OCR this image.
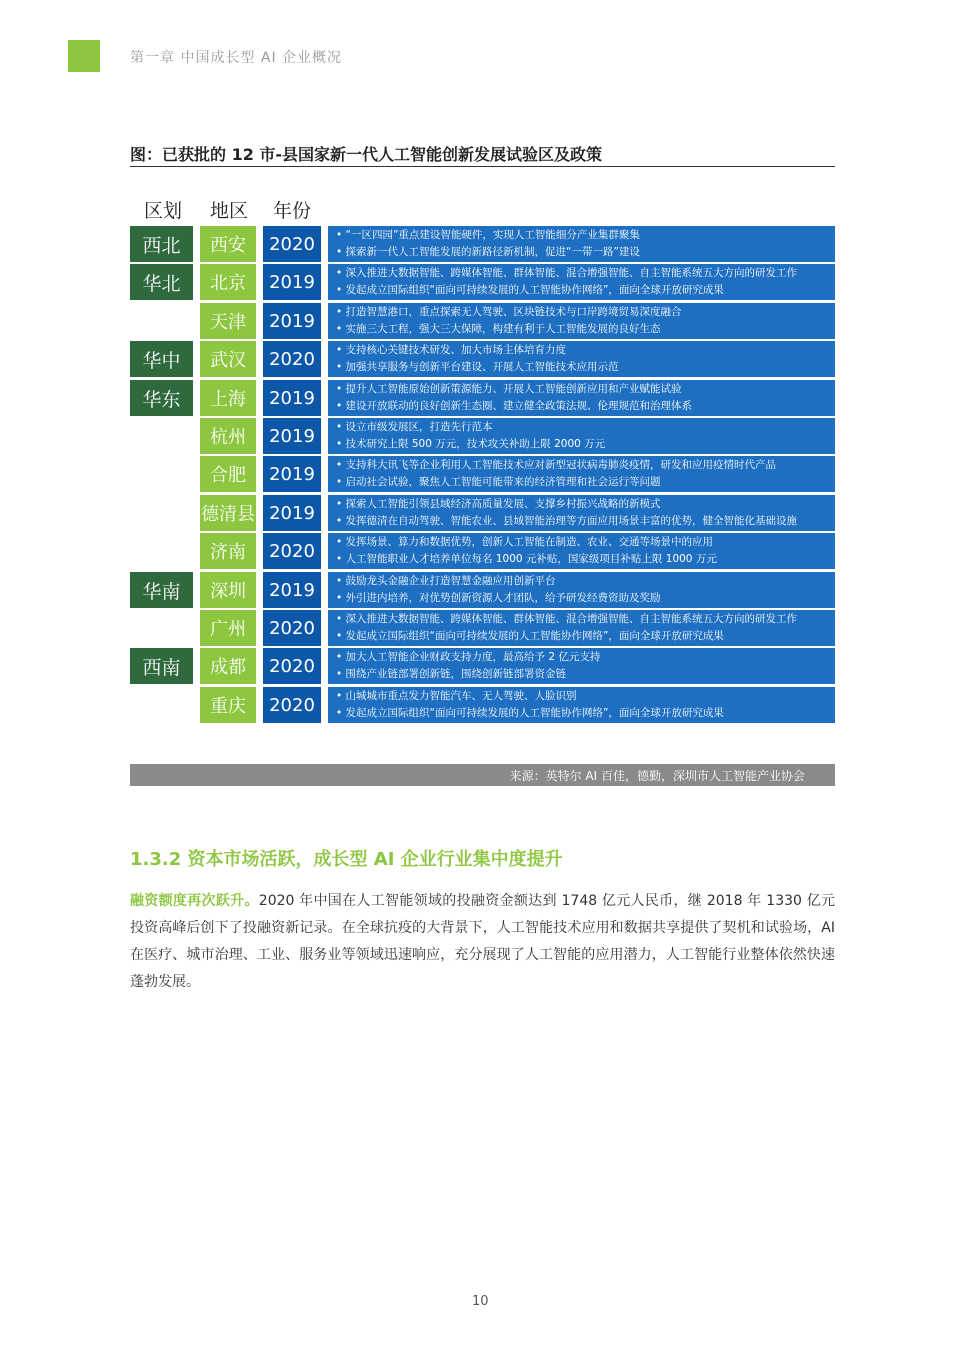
第一章 中国成长型 AI 企业概况
图：已获批的 12 市-县国家新一代人工智能创新发展试验区及政策
区划 地区 年份
西北	西安	2020	• “一区四园”重点建设智能硬件，实现人工智能细分产业集群聚集
• 探索新一代人工智能发展的新路径新机制，促进“一带一路”建设
华北	北京	2019	• 深入推进大数据智能、跨媒体智能、群体智能、混合增强智能、自主智能系统五大方向的研发工作
• 发起成立国际组织“面向可持续发展的人工智能协作网络”，面向全球开放研究成果
天津	2019	• 打造智慧港口，重点探索无人驾驶、区块链技术与口岸跨境贸易深度融合
• 实施三大工程，强大三大保障，构建有利于人工智能发展的良好生态
华中	武汉	2020	• 支持核心关键技术研发、加大市场主体培育力度
• 加强共享服务与创新平台建设、开展人工智能技术应用示范
华东	上海	2019	• 提升人工智能原始创新策源能力、开展人工智能创新应用和产业赋能试验
• 建设开放联动的良好创新生态圈、建立健全政策法规、伦理规范和治理体系
杭州	2019	• 设立市级发展区，打造先行范本
• 技术研究上限 500 万元，技术攻关补助上限 2000 万元
合肥	2019	• 支持科大讯飞等企业利用人工智能技术应对新型冠状病毒肺炎疫情，研发和应用疫情时代产品
• 启动社会试验，聚焦人工智能可能带来的经济管理和社会运行等问题
德清县 2019	• 探索人工智能引领县域经济高质量发展、支撑乡村振兴战略的新模式
• 发挥德清在自动驾驶、智能农业、县域智能治理等方面应用场景丰富的优势，健全智能化基础设施
济南	2020	• 发挥场景、算力和数据优势，创新人工智能在制造、农业、交通等场景中的应用
• 人工智能职业人才培养单位每名 1000 元补贴，国家级项目补贴上限 1000 万元
华南	深圳	2019	• 鼓励龙头金融企业打造智慧金融应用创新平台
• 外引进内培养，对优势创新资源人才团队，给予研发经费资助及奖励
广州	2020	• 深入推进大数据智能、跨媒体智能、群体智能、混合增强智能、自主智能系统五大方向的研发工作
• 发起成立国际组织“面向可持续发展的人工智能协作网络”，面向全球开放研究成果
西南	成都	2020	• 加大人工智能企业财政支持力度，最高给予 2 亿元支持
• 围绕产业链部署创新链，围绕创新链部署资金链
重庆	2020	• 山城城市重点发力智能汽车、无人驾驶、人脸识别
• 发起成立国际组织“面向可持续发展的人工智能协作网络”，面向全球开放研究成果
来源：英特尔 AI 百佳，德勤，深圳市人工智能产业协会
1.3.2 资本市场活跃，成长型 AI 企业行业集中度提升
融资额度再次跃升。2020 年中国在人工智能领域的投融资金额达到 1748 亿元人民币，继 2018 年 1330 亿元投资高峰后创下了投融资新记录。在全球抗疫的大背景下，人工智能技术应用和数据共享提供了契机和试验场，AI 在医疗、城市治理、工业、服务业等领域迅速响应，充分展现了人工智能的应用潜力，人工智能行业整体依然快速蓬勃发展。
10
